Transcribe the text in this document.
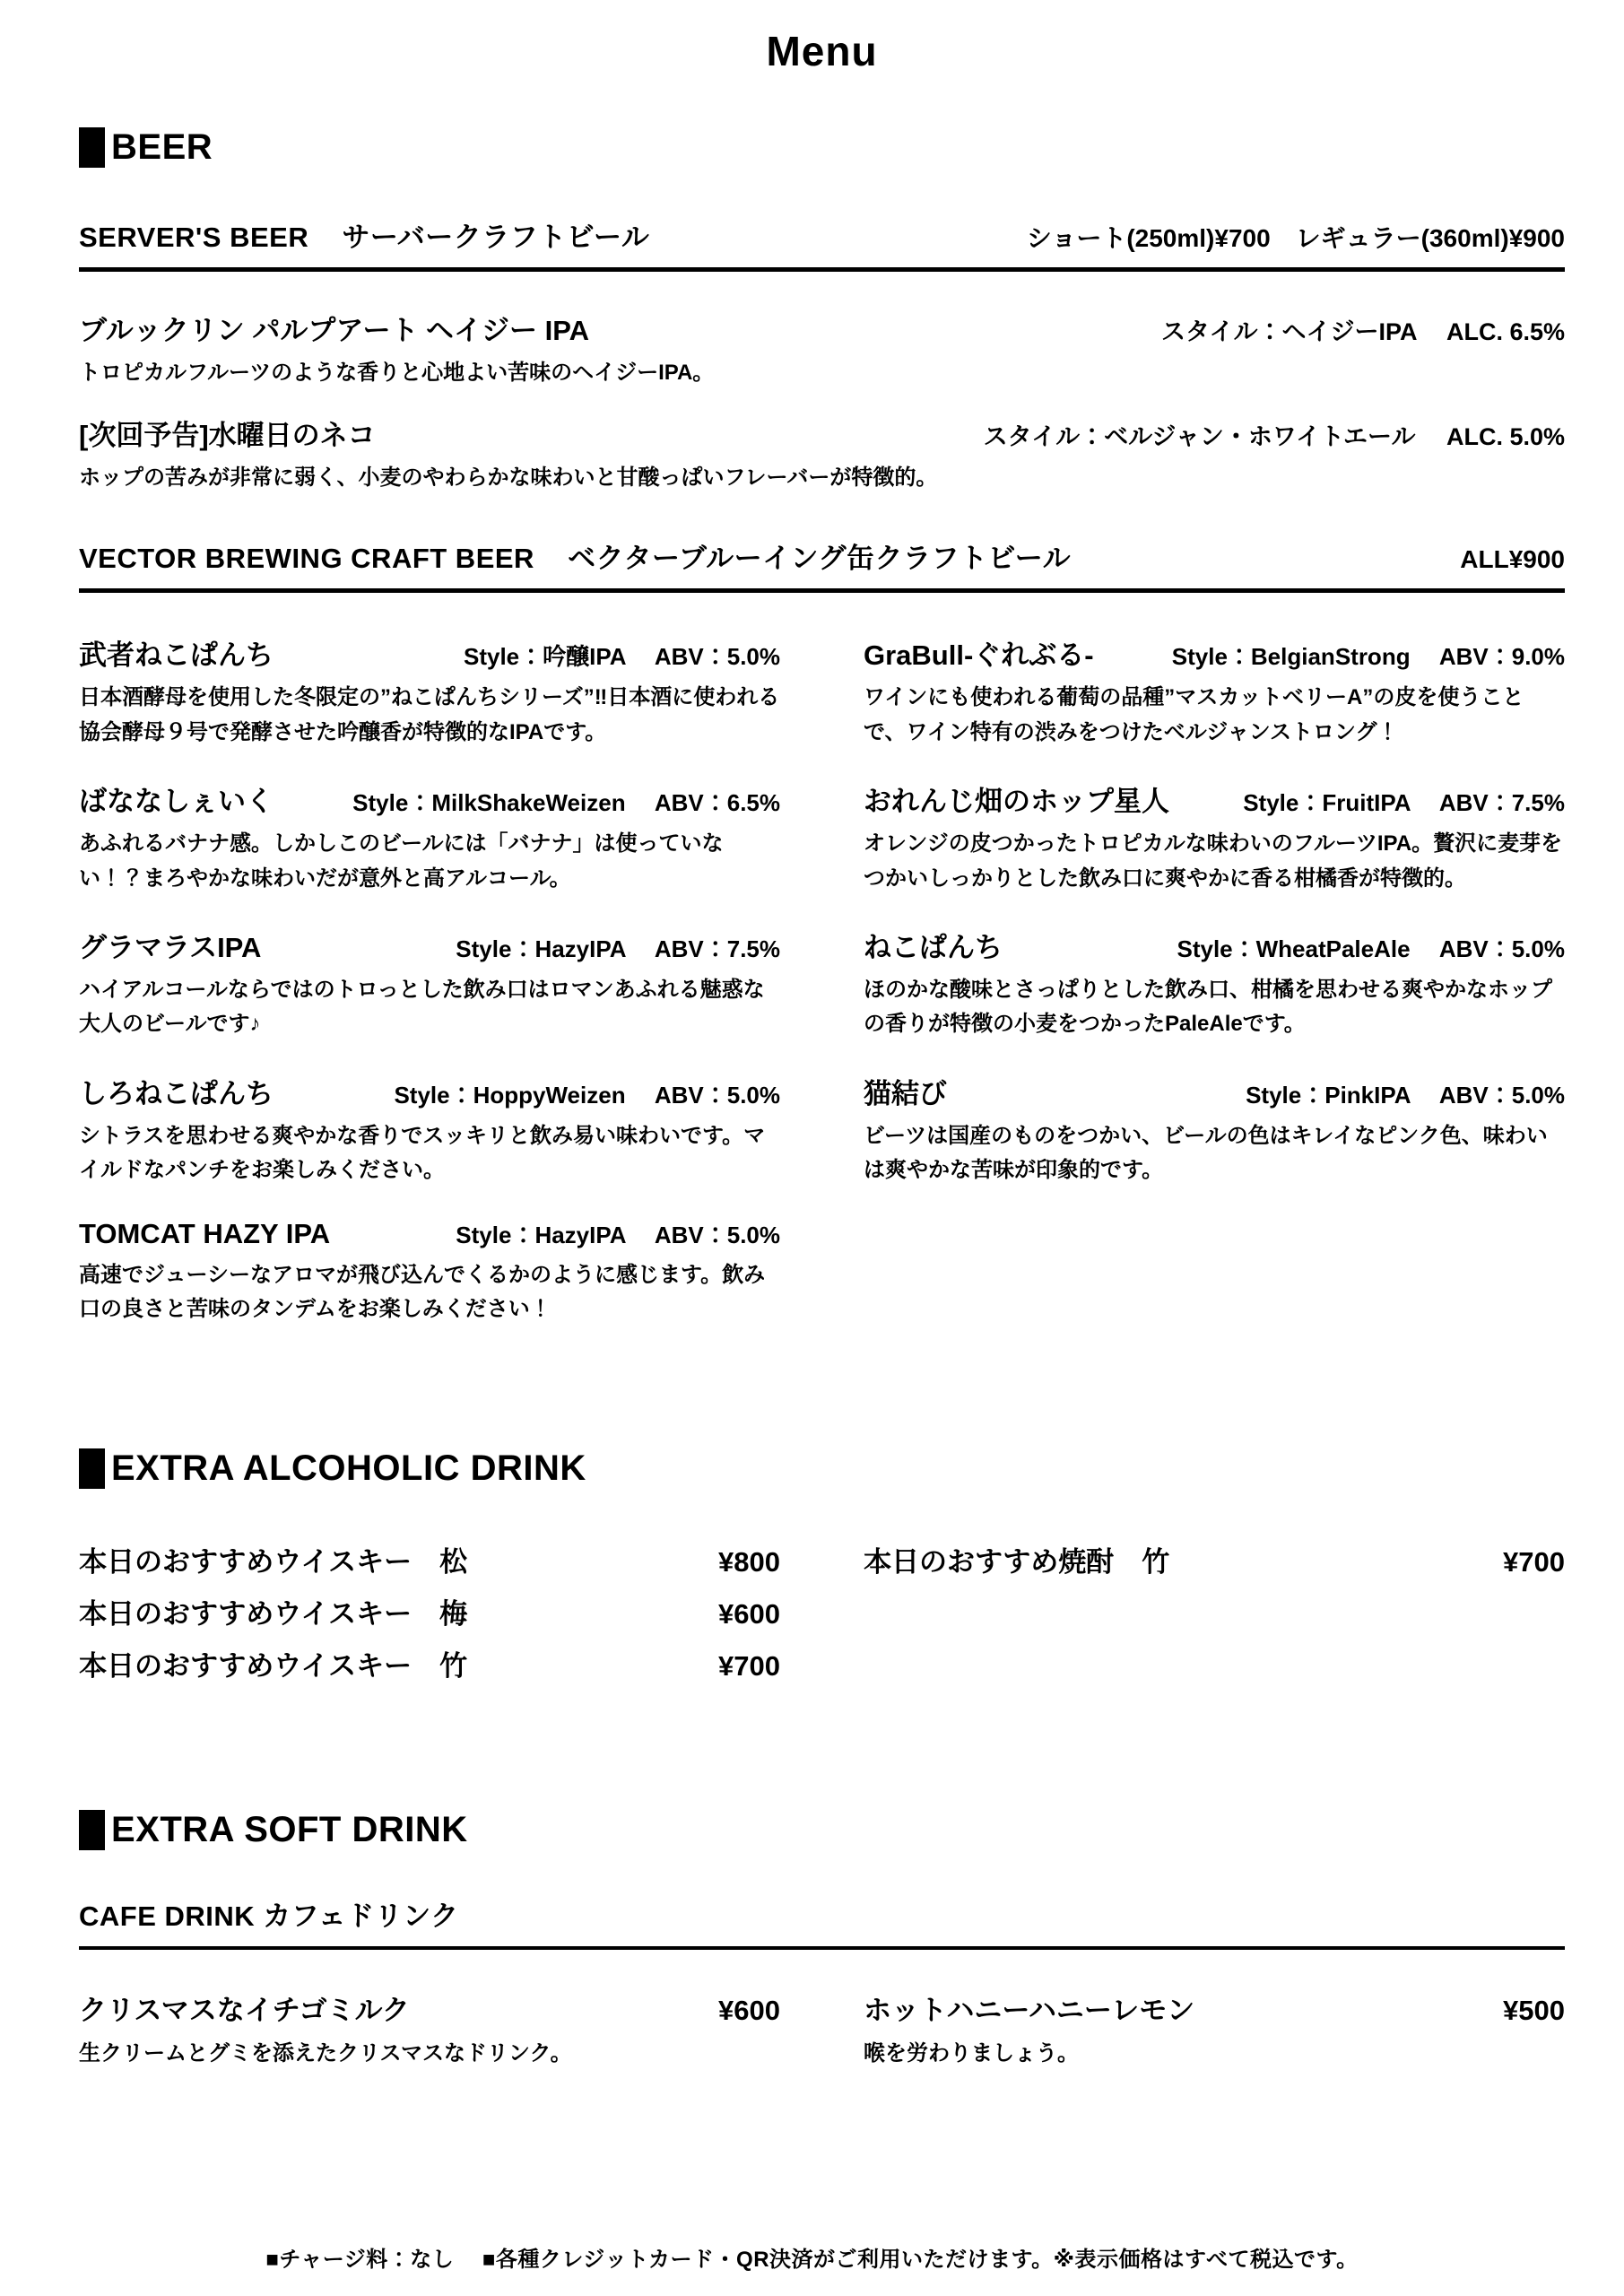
Menu
BEER
SERVER'S BEER サーバークラフトビール	ショート(250ml)¥700　レギュラー(360ml)¥900
ブルックリン パルプアート ヘイジー IPA	スタイル：ヘイジーIPA　 ALC. 6.5%
トロピカルフルーツのような香りと心地よい苦味のヘイジーIPA。
[次回予告]水曜日のネコ	スタイル：ベルジャン・ホワイトエール　 ALC. 5.0%
ホップの苦みが非常に弱く、小麦のやわらかな味わいと甘酸っぱいフレーバーが特徴的。
VECTOR BREWING CRAFT BEER ベクターブルーイング缶クラフトビール	ALL¥900
武者ねこぱんち	Style：吟醸IPA　 ABV：5.0%
日本酒酵母を使用した冬限定の”ねこぱんちシリーズ”‼日本酒に使われる協会酵母９号で発酵させた吟醸香が特徴的なIPAです。
ばななしぇいく	Style：MilkShakeWeizen　 ABV：6.5%
あふれるバナナ感。しかしこのビールには「バナナ」は使っていない！？まろやかな味わいだが意外と高アルコール。
グラマラスIPA	Style：HazyIPA　 ABV：7.5%
ハイアルコールならではのトロっとした飲み口はロマンあふれる魅惑な大人のビールです♪
しろねこぱんち	Style：HoppyWeizen　 ABV：5.0%
シトラスを思わせる爽やかな香りでスッキリと飲み易い味わいです。マイルドなパンチをお楽しみください。
TOMCAT HAZY IPA	Style：HazyIPA　 ABV：5.0%
高速でジューシーなアロマが飛び込んでくるかのように感じます。飲み口の良さと苦味のタンデムをお楽しみください！
GraBull-ぐれぶる-	Style：BelgianStrong　 ABV：9.0%
ワインにも使われる葡萄の品種”マスカットベリーA”の皮を使うことで、ワイン特有の渋みをつけたベルジャンストロング！
おれんじ畑のホップ星人	Style：FruitIPA　 ABV：7.5%
オレンジの皮つかったトロピカルな味わいのフルーツIPA。贅沢に麦芽をつかいしっかりとした飲み口に爽やかに香る柑橘香が特徴的。
ねこぱんち	Style：WheatPaleAle　 ABV：5.0%
ほのかな酸味とさっぱりとした飲み口、柑橘を思わせる爽やかなホップの香りが特徴の小麦をつかったPaleAleです。
猫結び	Style：PinkIPA　 ABV：5.0%
ビーツは国産のものをつかい、ビールの色はキレイなピンク色、味わいは爽やかな苦味が印象的です。
EXTRA ALCOHOLIC DRINK
本日のおすすめウイスキー　松	¥800
本日のおすすめウイスキー　梅	¥600
本日のおすすめウイスキー　竹	¥700
本日のおすすめ焼酎　竹	¥700
EXTRA SOFT DRINK
CAFE DRINK カフェドリンク
クリスマスなイチゴミルク	¥600
生クリームとグミを添えたクリスマスなドリンク。
ホットハニーハニーレモン	¥500
喉を労わりましょう。
■チャージ料：なし　 ■各種クレジットカード・QR決済がご利用いただけます。※表示価格はすべて税込です。
